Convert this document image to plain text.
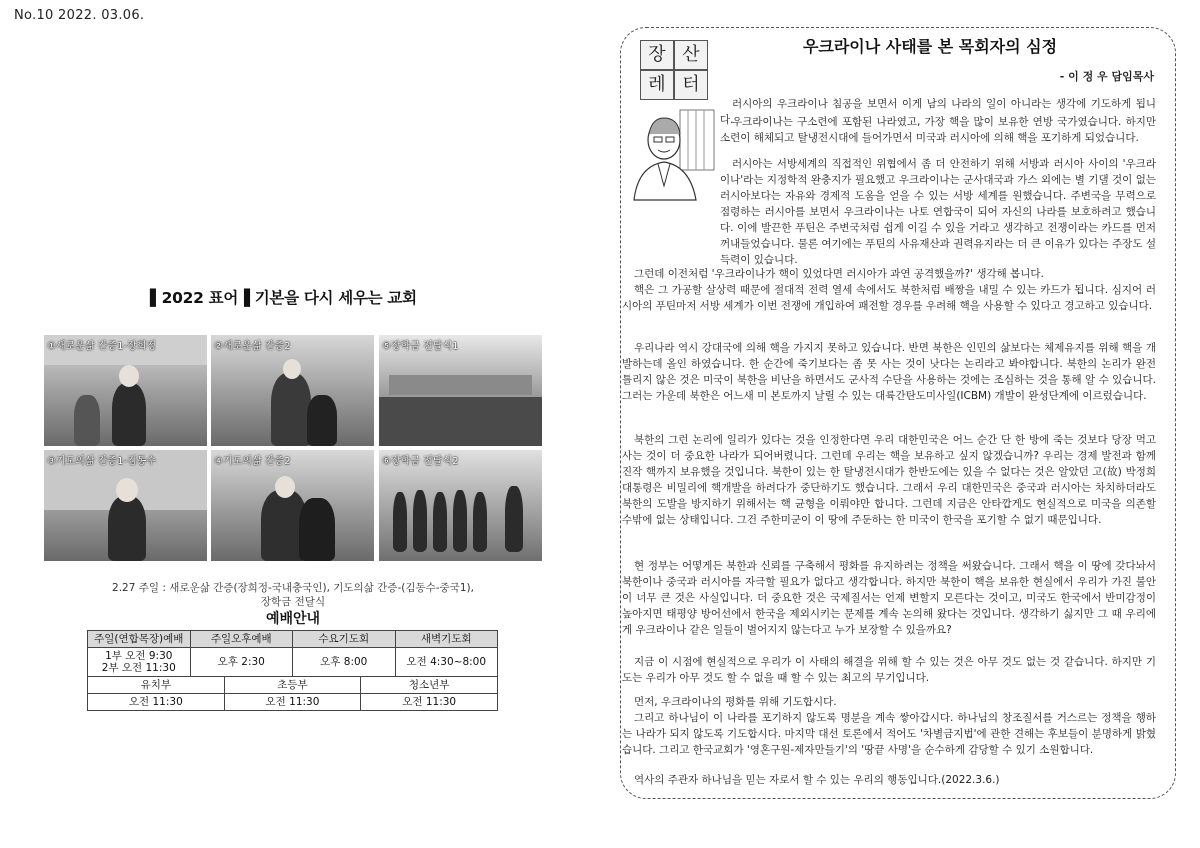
No.10 2022. 03.06.
▌2022 표어▐ 기본을 다시 세우는 교회
①새로운삶 간증1-장희정	②새로운삶 간증2	⑤장학금 전달식1
③기도의삶 간증1-김동수	④기도의삶 간증2	⑥장학금 전달식2
2.27 주일 : 새로운삶 간증(장희정-국내충국인), 기도의삶 간증-(김동수-중국1),
장학금 전달식
예배안내
주일(연합목장)예배	주일오후예배	수요기도회	새벽기도회
1부 오전 9:30
2부 오전 11:30	오후 2:30	오후 8:00	오전 4:30~8:00
유치부	초등부	청소년부
오전 11:30	오전 11:30	오전 11:30
장 산
레 터
우크라이나 사태를 본 목회자의 심정
- 이 정 우 담임목사

러시아의 우크라이나 침공을 보면서 이게 남의 나라의 일이 아니라는 생각에 기도하게 됩니다.

우크라이나는 구소련에 포함된 나라였고, 가장 핵을 많이 보유한 연방 국가였습니다. 하지만 소련이 해체되고 탈냉전시대에 들어가면서 미국과 러시아에 의해 핵을 포기하게 되었습니다.

러시아는 서방세계의 직접적인 위협에서 좀 더 안전하기 위해 서방과 러시아 사이의 '우크라이나'라는 지정학적 완충지가 필요했고 우크라이나는 군사대국과 가스 외에는 별 기댈 것이 없는 러시아보다는 자유와 경제적 도움을 얻을 수 있는 서방 세계를 원했습니다. 주변국을 무력으로 점령하는 러시아를 보면서 우크라이나는 나토 연합국이 되어 자신의 나라를 보호하려고 했습니다. 이에 발끈한 푸틴은 주변국처럼 쉽게 이길 수 있을 거라고 생각하고 전쟁이라는 카드를 먼저 꺼내들었습니다. 물론 여기에는 푸틴의 사유재산과 권력유지라는 더 큰 이유가 있다는 주장도 설득력이 있습니다.

그런데 이전처럼 '우크라이나가 핵이 있었다면 러시아가 과연 공격했을까?' 생각해 봅니다.

핵은 그 가공할 살상력 때문에 절대적 전력 열세 속에서도 북한처럼 배짱을 내밀 수 있는 카드가 됩니다. 심지어 러시아의 푸틴마저 서방 세계가 이번 전쟁에 개입하여 패전할 경우를 우려해 핵을 사용할 수 있다고 경고하고 있습니다.

우리나라 역시 강대국에 의해 핵을 가지지 못하고 있습니다. 반면 북한은 인민의 삶보다는 체제유지를 위해 핵을 개발하는데 올인 하였습니다. 한 순간에 죽기보다는 좀 못 사는 것이 낫다는 논리라고 봐야합니다. 북한의 논리가 완전 틀리지 않은 것은 미국이 북한을 비난을 하면서도 군사적 수단을 사용하는 것에는 조심하는 것을 통해 알 수 있습니다. 그러는 가운데 북한은 어느새 미 본토까지 날릴 수 있는 대륙간탄도미사일(ICBM) 개발이 완성단계에 이르렀습니다.

북한의 그런 논리에 일리가 있다는 것을 인정한다면 우리 대한민국은 어느 순간 단 한 방에 죽는 것보다 당장 먹고 사는 것이 더 중요한 나라가 되어버렸니다. 그런데 우리는 핵을 보유하고 싶지 않겠습니까? 우리는 경제 발전과 함께 진작 핵까지 보유했을 것입니다. 북한이 있는 한 탈냉전시대가 한반도에는 있을 수 없다는 것은 알았던 고(故) 박정희 대통령은 비밀리에 핵개발을 하려다가 중단하기도 했습니다. 그래서 우리 대한민국은 중국과 러시아는 차치하더라도 북한의 도발을 방지하기 위해서는 핵 균형을 이뤄야만 합니다. 그런데 지금은 안타깝게도 현실적으로 미국을 의존할 수밖에 없는 상태입니다. 그건 주한미군이 이 땅에 주둔하는 한 미국이 한국을 포기할 수 없기 때문입니다.

현 정부는 어떻게든 북한과 신뢰를 구축해서 평화를 유지하려는 정책을 써왔습니다. 그래서 핵을 이 땅에 갖다놔서 북한이나 중국과 러시아를 자극할 필요가 없다고 생각합니다. 하지만 북한이 핵을 보유한 현실에서 우리가 가진 불안이 너무 큰 것은 사실입니다. 더 중요한 것은 국제질서는 언제 변할지 모른다는 것이고, 미국도 한국에서 반미감정이 높아지면 태평양 방어선에서 한국을 제외시키는 문제를 계속 논의해 왔다는 것입니다. 생각하기 싫지만 그 때 우리에게 우크라이나 같은 일들이 벌어지지 않는다고 누가 보장할 수 있을까요?

지금 이 시점에 현실적으로 우리가 이 사태의 해결을 위해 할 수 있는 것은 아무 것도 없는 것 같습니다. 하지만 기도는 우리가 아무 것도 할 수 없을 때 할 수 있는 최고의 무기입니다.

먼저, 우크라이나의 평화를 위해 기도합시다.

그리고 하나님이 이 나라를 포기하지 않도록 명분을 계속 쌓아갑시다. 하나님의 창조질서를 거스르는 정책을 행하는 나라가 되지 않도록 기도합시다. 마지막 대선 토론에서 적어도 '차별금지법'에 관한 견해는 후보들이 분명하게 밝혔습니다. 그리고 한국교회가 '영혼구원-제자만들기'의 '땅끝 사명'을 순수하게 감당할 수 있기 소원합니다.

역사의 주관자 하나님을 믿는 자로서 할 수 있는 우리의 행동입니다.(2022.3.6.)
